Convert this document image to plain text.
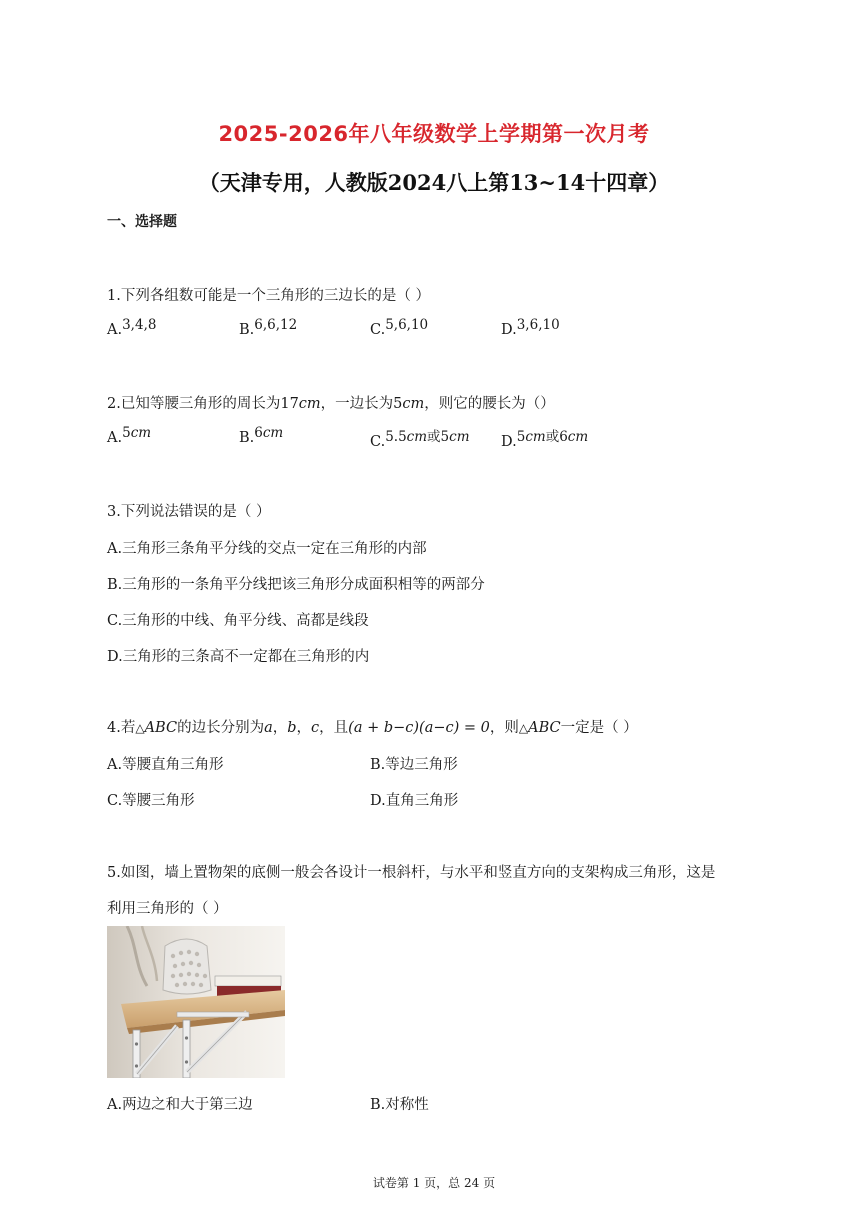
2025-2026年八年级数学上学期第一次月考
（天津专用，人教版2024八上第13~14十四章）
一、选择题
1.下列各组数可能是一个三角形的三边长的是（ ）
A.3,4,8	B.6,6,12	C.5,6,10	D.3,6,10
2.已知等腰三角形的周长为17cm，一边长为5cm，则它的腰长为（）
A.5cm	B.6cm
C.5.5cm或5cm D.5cm或6cm
3.下列说法错误的是（ ）
A.三角形三条角平分线的交点一定在三角形的内部
B.三角形的一条角平分线把该三角形分成面积相等的两部分
C.三角形的中线、角平分线、高都是线段
D.三角形的三条高不一定都在三角形的内
4.若△ABC的边长分别为a，b，c，且(a + b−c)(a−c) = 0，则△ABC一定是（ ）
A.等腰直角三角形	B.等边三角形
C.等腰三角形	D.直角三角形
5.如图，墙上置物架的底侧一般会各设计一根斜杆，与水平和竖直方向的支架构成三角形，这是
利用三角形的（ ）
A.两边之和大于第三边	B.对称性
试卷第 1 页，总 24 页
